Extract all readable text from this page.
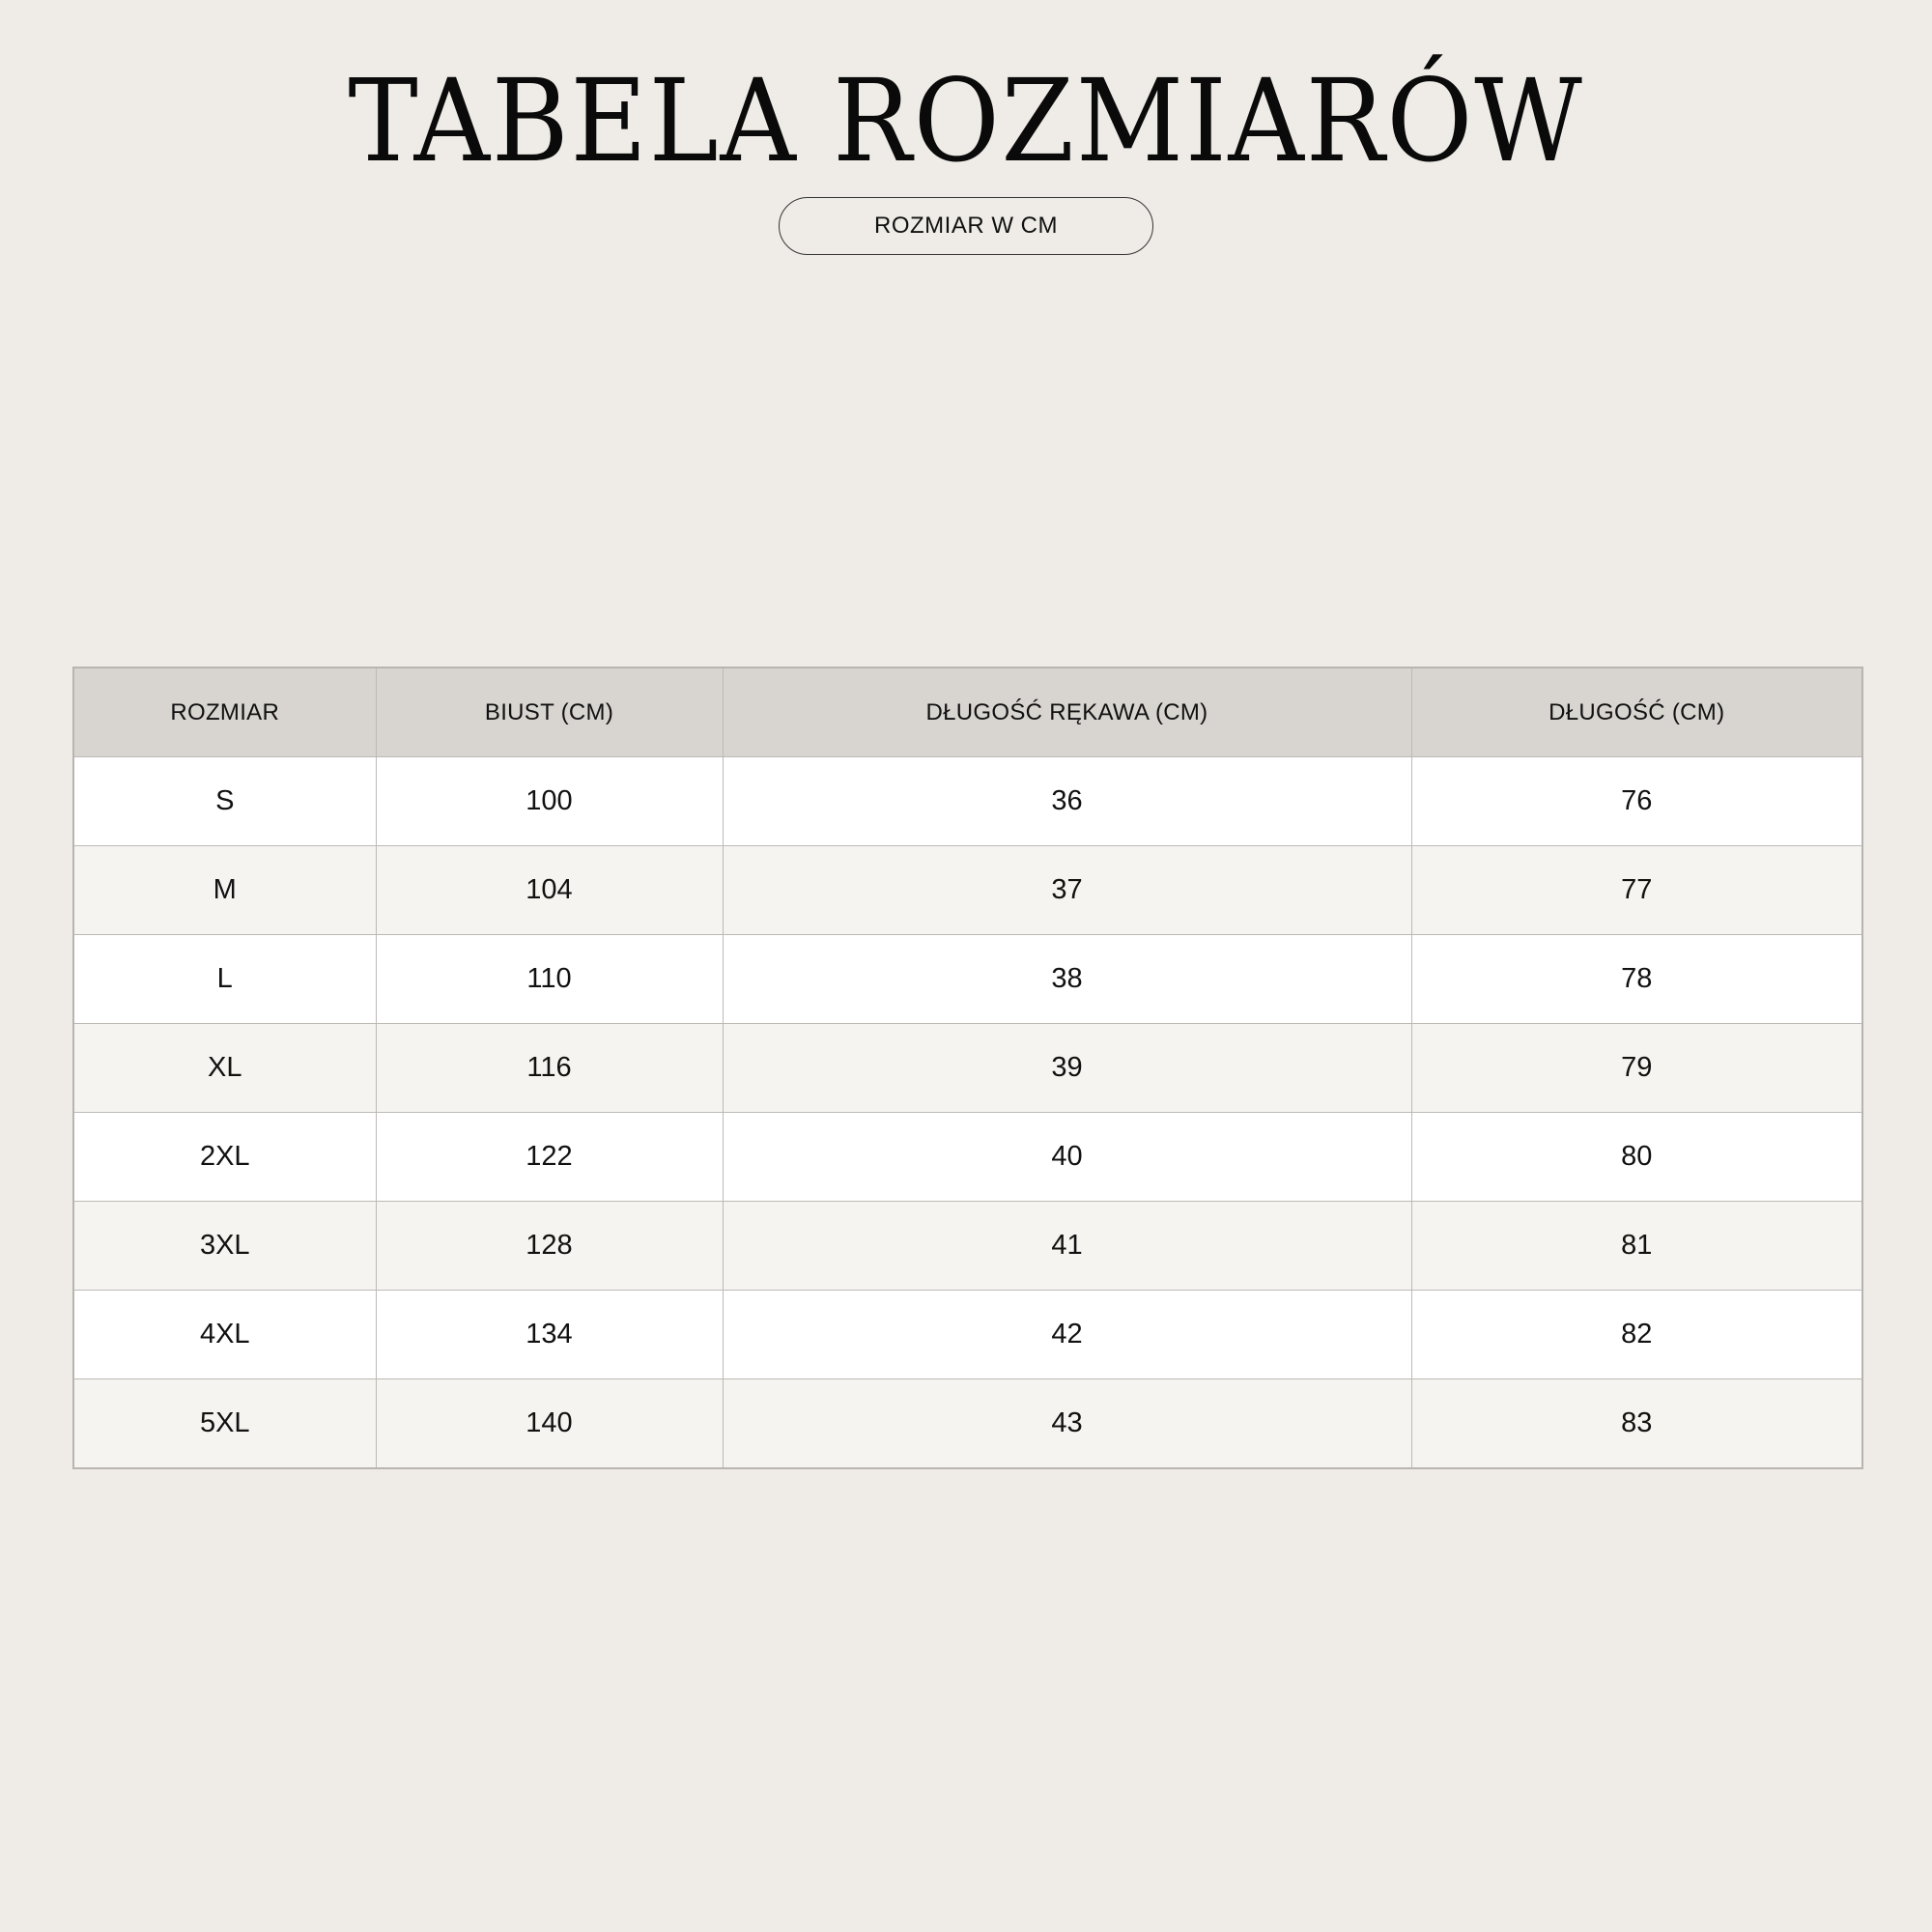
TABELA ROZMIARÓW
ROZMIAR W CM
ROZMIAR	BIUST (CM)	DŁUGOŚĆ RĘKAWA (CM)	DŁUGOŚĆ (CM)
S	100	36	76
M	104	37	77
L	110	38	78
XL	116	39	79
2XL	122	40	80
3XL	128	41	81
4XL	134	42	82
5XL	140	43	83
